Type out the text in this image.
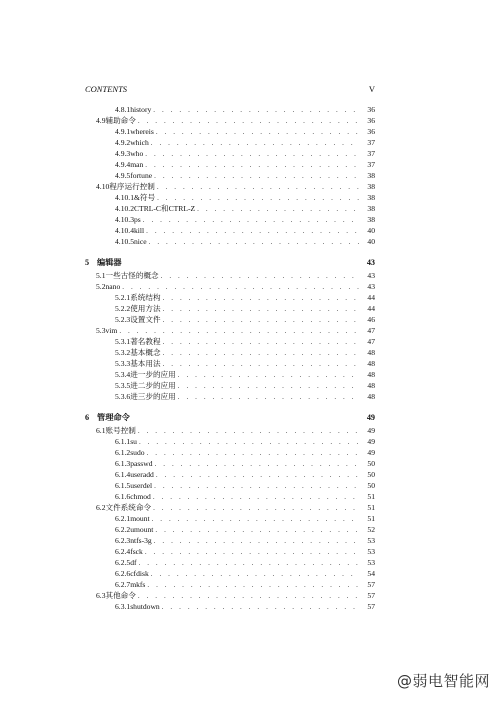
CONTENTS	V
4.8.1 history . . .	36
4.9 辅助命令 . . .	36
4.9.1 whereis . . .	36
4.9.2 which . . .	37
4.9.3 who . . .	37
4.9.4 man . . .	37
4.9.5 fortune . . .	38
4.10 程序运行控制 . . .	38
4.10.1 &符号 . . .	38
4.10.2 CTRL-C和CTRL-Z . . .	38
4.10.3 ps . . .	38
4.10.4 kill . . .	40
4.10.5 nice . . .	40
5 编辑器	43
5.1 一些古怪的概念 . . .	43
5.2 nano . . .	43
5.2.1 系统结构 . . .	44
5.2.2 使用方法 . . .	44
5.2.3 设置文件 . . .	46
5.3 vim . . .	47
5.3.1 著名教程 . . .	47
5.3.2 基本概念 . . .	48
5.3.3 基本用法 . . .	48
5.3.4 进一步的应用 . . .	48
5.3.5 进二步的应用 . . .	48
5.3.6 进三步的应用 . . .	48
6 管理命令	49
6.1 账号控制 . . .	49
6.1.1 su . . .	49
6.1.2 sudo . . .	49
6.1.3 passwd . . .	50
6.1.4 useradd . . .	50
6.1.5 userdel . . .	50
6.1.6 chmod . . .	51
6.2 文件系统命令 . . .	51
6.2.1 mount . . .	51
6.2.2 umount . . .	52
6.2.3 ntfs-3g . . .	53
6.2.4 fsck . . .	53
6.2.5 df . . .	53
6.2.6 cfdisk . . .	54
6.2.7 mkfs . . .	57
6.3 其他命令 . . .	57
6.3.1 shutdown . . .	57
@弱电智能网
